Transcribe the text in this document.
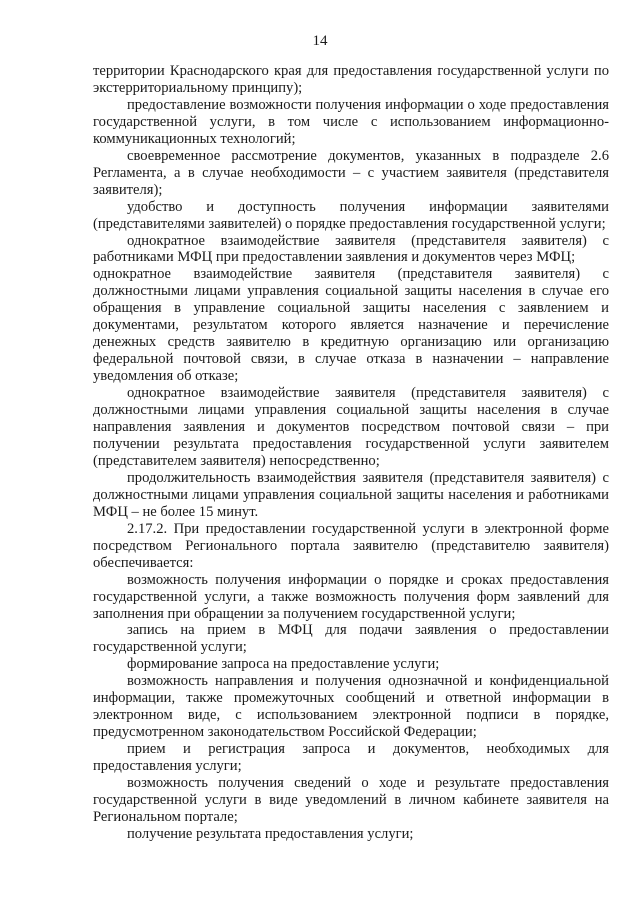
14

территории Краснодарского края для предоставления государственной услуги по экстерриториальному принципу);

предоставление возможности получения информации о ходе предоставления государственной услуги, в том числе с использованием информационно-коммуникационных технологий;

своевременное рассмотрение документов, указанных в подразделе 2.6 Регламента, а в случае необходимости – с участием заявителя (представителя заявителя);

удобство и доступность получения информации заявителями (представителями заявителей) о порядке предоставления государственной услуги;

однократное взаимодействие заявителя (представителя заявителя) с работниками МФЦ при предоставлении заявления и документов через МФЦ;

однократное взаимодействие заявителя (представителя заявителя) с должностными лицами управления социальной защиты населения в случае его обращения в управление социальной защиты населения с заявлением и документами, результатом которого является назначение и перечисление денежных средств заявителю в кредитную организацию или организацию федеральной почтовой связи, в случае отказа в назначении – направление уведомления об отказе;

однократное взаимодействие заявителя (представителя заявителя) с должностными лицами управления социальной защиты населения в случае направления заявления и документов посредством почтовой связи – при получении результата предоставления государственной услуги заявителем (представителем заявителя) непосредственно;

продолжительность взаимодействия заявителя (представителя заявителя) с должностными лицами управления социальной защиты населения и работниками МФЦ – не более 15 минут.

2.17.2. При предоставлении государственной услуги в электронной форме посредством Регионального портала заявителю (представителю заявителя) обеспечивается:

возможность получения информации о порядке и сроках предоставления государственной услуги, а также возможность получения форм заявлений для заполнения при обращении за получением государственной услуги;

запись на прием в МФЦ для подачи заявления о предоставлении государственной услуги;

формирование запроса на предоставление услуги;

возможность направления и получения однозначной и конфиденциальной информации, также промежуточных сообщений и ответной информации в электронном виде, с использованием электронной подписи в порядке, предусмотренном законодательством Российской Федерации;

прием и регистрация запроса и документов, необходимых для предоставления услуги;

возможность получения сведений о ходе и результате предоставления государственной услуги в виде уведомлений в личном кабинете заявителя на Региональном портале;

получение результата предоставления услуги;
